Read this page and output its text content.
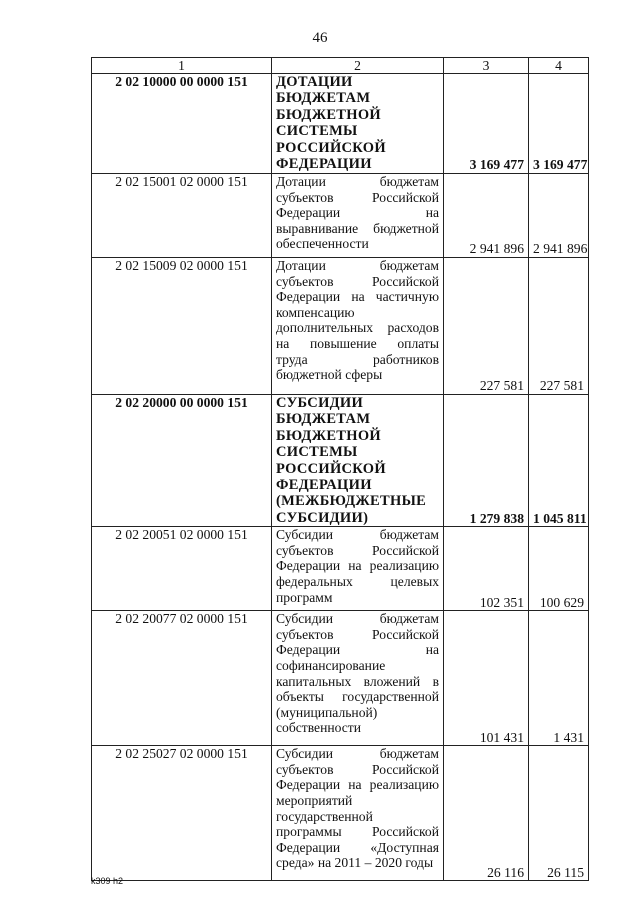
46
1	2	3	4
2 02 10000 00 0000 151	ДОТАЦИИ БЮДЖЕТАМ БЮДЖЕТНОЙ СИСТЕМЫ РОССИЙСКОЙ ФЕДЕРАЦИИ	3 169 477	3 169 477
2 02 15001 02 0000 151	Дотации бюджетам субъектов Российской Федерации на выравнивание бюджетной обеспеченности	2 941 896	2 941 896
2 02 15009 02 0000 151	Дотации бюджетам субъектов Российской Федерации на частичную компенсацию дополнительных расходов на повышение оплаты труда работников бюджетной сферы	227 581	227 581
2 02 20000 00 0000 151	СУБСИДИИ БЮДЖЕТАМ БЮДЖЕТНОЙ СИСТЕМЫ РОССИЙСКОЙ ФЕДЕРАЦИИ (МЕЖБЮДЖЕТНЫЕ СУБСИДИИ)	1 279 838	1 045 811
2 02 20051 02 0000 151	Субсидии бюджетам субъектов Российской Федерации на реализацию федеральных целевых программ	102 351	100 629
2 02 20077 02 0000 151	Субсидии бюджетам субъектов Российской Федерации на софинансирование капитальных вложений в объекты государственной (муниципальной) собственности	101 431	1 431
2 02 25027 02 0000 151	Субсидии бюджетам субъектов Российской Федерации на реализацию мероприятий государственной программы Российской Федерации «Доступная среда» на 2011 – 2020 годы	26 116	26 115
k309 h2
